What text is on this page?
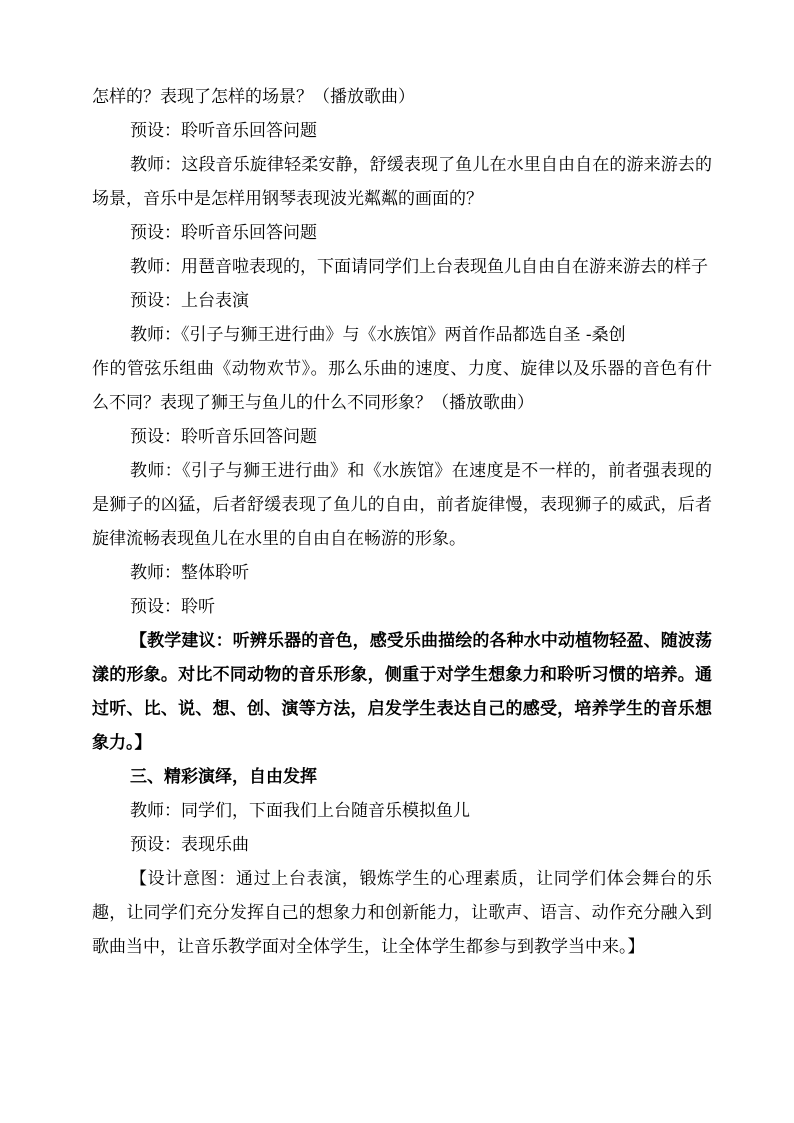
怎样的？表现了怎样的场景？（播放歌曲）

预设：聆听音乐回答问题

教师：这段音乐旋律轻柔安静，舒缓表现了鱼儿在水里自由自在的游来游去的场景，音乐中是怎样用钢琴表现波光粼粼的画面的？

预设：聆听音乐回答问题

教师：用琶音啦表现的，下面请同学们上台表现鱼儿自由自在游来游去的样子

预设：上台表演

教师：《引子与狮王进行曲》与《水族馆》两首作品都选自圣 -桑创

作的管弦乐组曲《动物欢节》。那么乐曲的速度、力度、旋律以及乐器的音色有什么不同？表现了狮王与鱼儿的什么不同形象？（播放歌曲）

预设：聆听音乐回答问题

教师：《引子与狮王进行曲》和《水族馆》在速度是不一样的，前者强表现的是狮子的凶猛，后者舒缓表现了鱼儿的自由，前者旋律慢，表现狮子的威武，后者旋律流畅表现鱼儿在水里的自由自在畅游的形象。

教师：整体聆听

预设：聆听

【教学建议：听辨乐器的音色，感受乐曲描绘的各种水中动植物轻盈、随波荡漾的形象。对比不同动物的音乐形象，侧重于对学生想象力和聆听习惯的培养。通过听、比、说、想、创、演等方法，启发学生表达自己的感受，培养学生的音乐想象力。】

三、精彩演绎，自由发挥

教师：同学们，下面我们上台随音乐模拟鱼儿

预设：表现乐曲

【设计意图：通过上台表演，锻炼学生的心理素质，让同学们体会舞台的乐趣，让同学们充分发挥自己的想象力和创新能力，让歌声、语言、动作充分融入到歌曲当中，让音乐教学面对全体学生，让全体学生都参与到教学当中来。】
